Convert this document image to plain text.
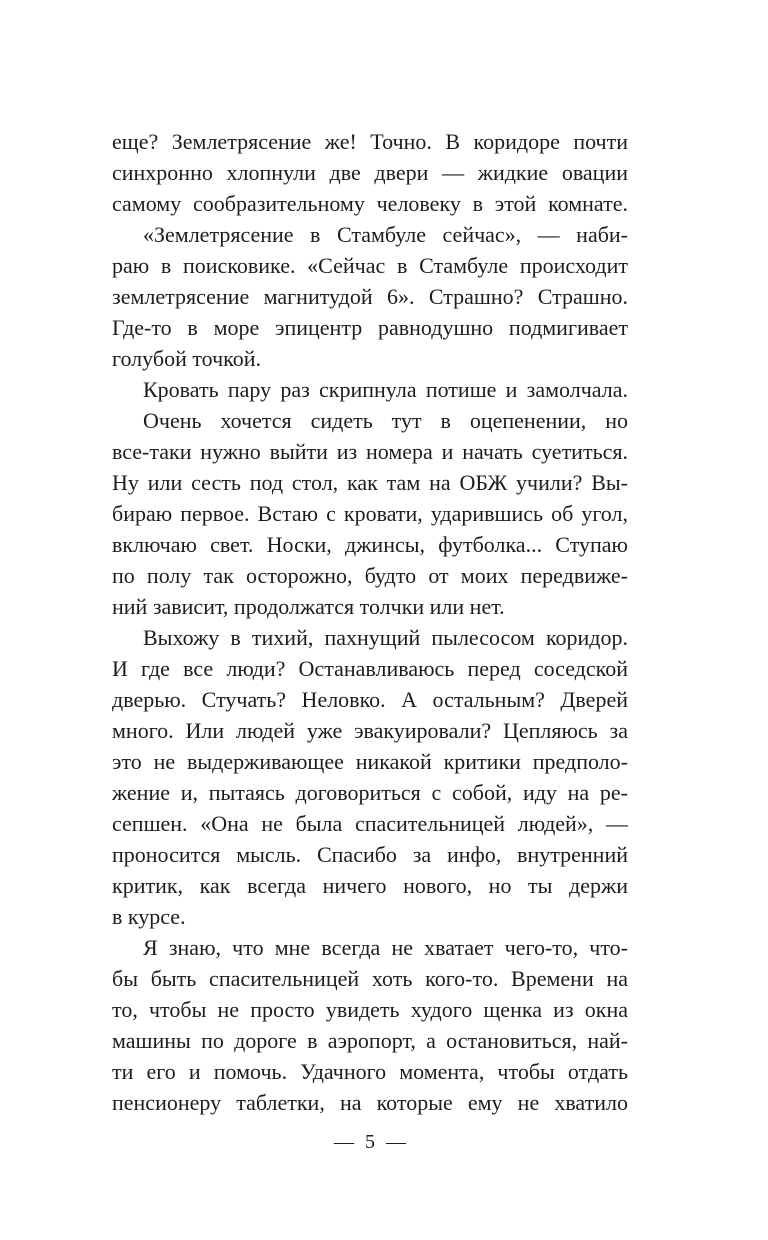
еще? Землетрясение же! Точно. В коридоре почти
синхронно хлопнули две двери — жидкие овации
самому сообразительному человеку в этой комнате.
«Землетрясение в Стамбуле сейчас», — наби-
раю в поисковике. «Сейчас в Стамбуле происходит
землетрясение магнитудой 6». Страшно? Страшно.
Где-то в море эпицентр равнодушно подмигивает
голубой точкой.
Кровать пару раз скрипнула потише и замолчала.
Очень хочется сидеть тут в оцепенении, но
все-таки нужно выйти из номера и начать суетиться.
Ну или сесть под стол, как там на ОБЖ учили? Вы-
бираю первое. Встаю с кровати, ударившись об угол,
включаю свет. Носки, джинсы, футболка... Ступаю
по полу так осторожно, будто от моих передвиже-
ний зависит, продолжатся толчки или нет.
Выхожу в тихий, пахнущий пылесосом коридор.
И где все люди? Останавливаюсь перед соседской
дверью. Стучать? Неловко. А остальным? Дверей
много. Или людей уже эвакуировали? Цепляюсь за
это не выдерживающее никакой критики предполо-
жение и, пытаясь договориться с собой, иду на ре-
сепшен. «Она не была спасительницей людей», —
проносится мысль. Спасибо за инфо, внутренний
критик, как всегда ничего нового, но ты держи
в курсе.
Я знаю, что мне всегда не хватает чего-то, что-
бы быть спасительницей хоть кого-то. Времени на
то, чтобы не просто увидеть худого щенка из окна
машины по дороге в аэропорт, а остановиться, най-
ти его и помочь. Удачного момента, чтобы отдать
пенсионеру таблетки, на которые ему не хватило
— 5 —
